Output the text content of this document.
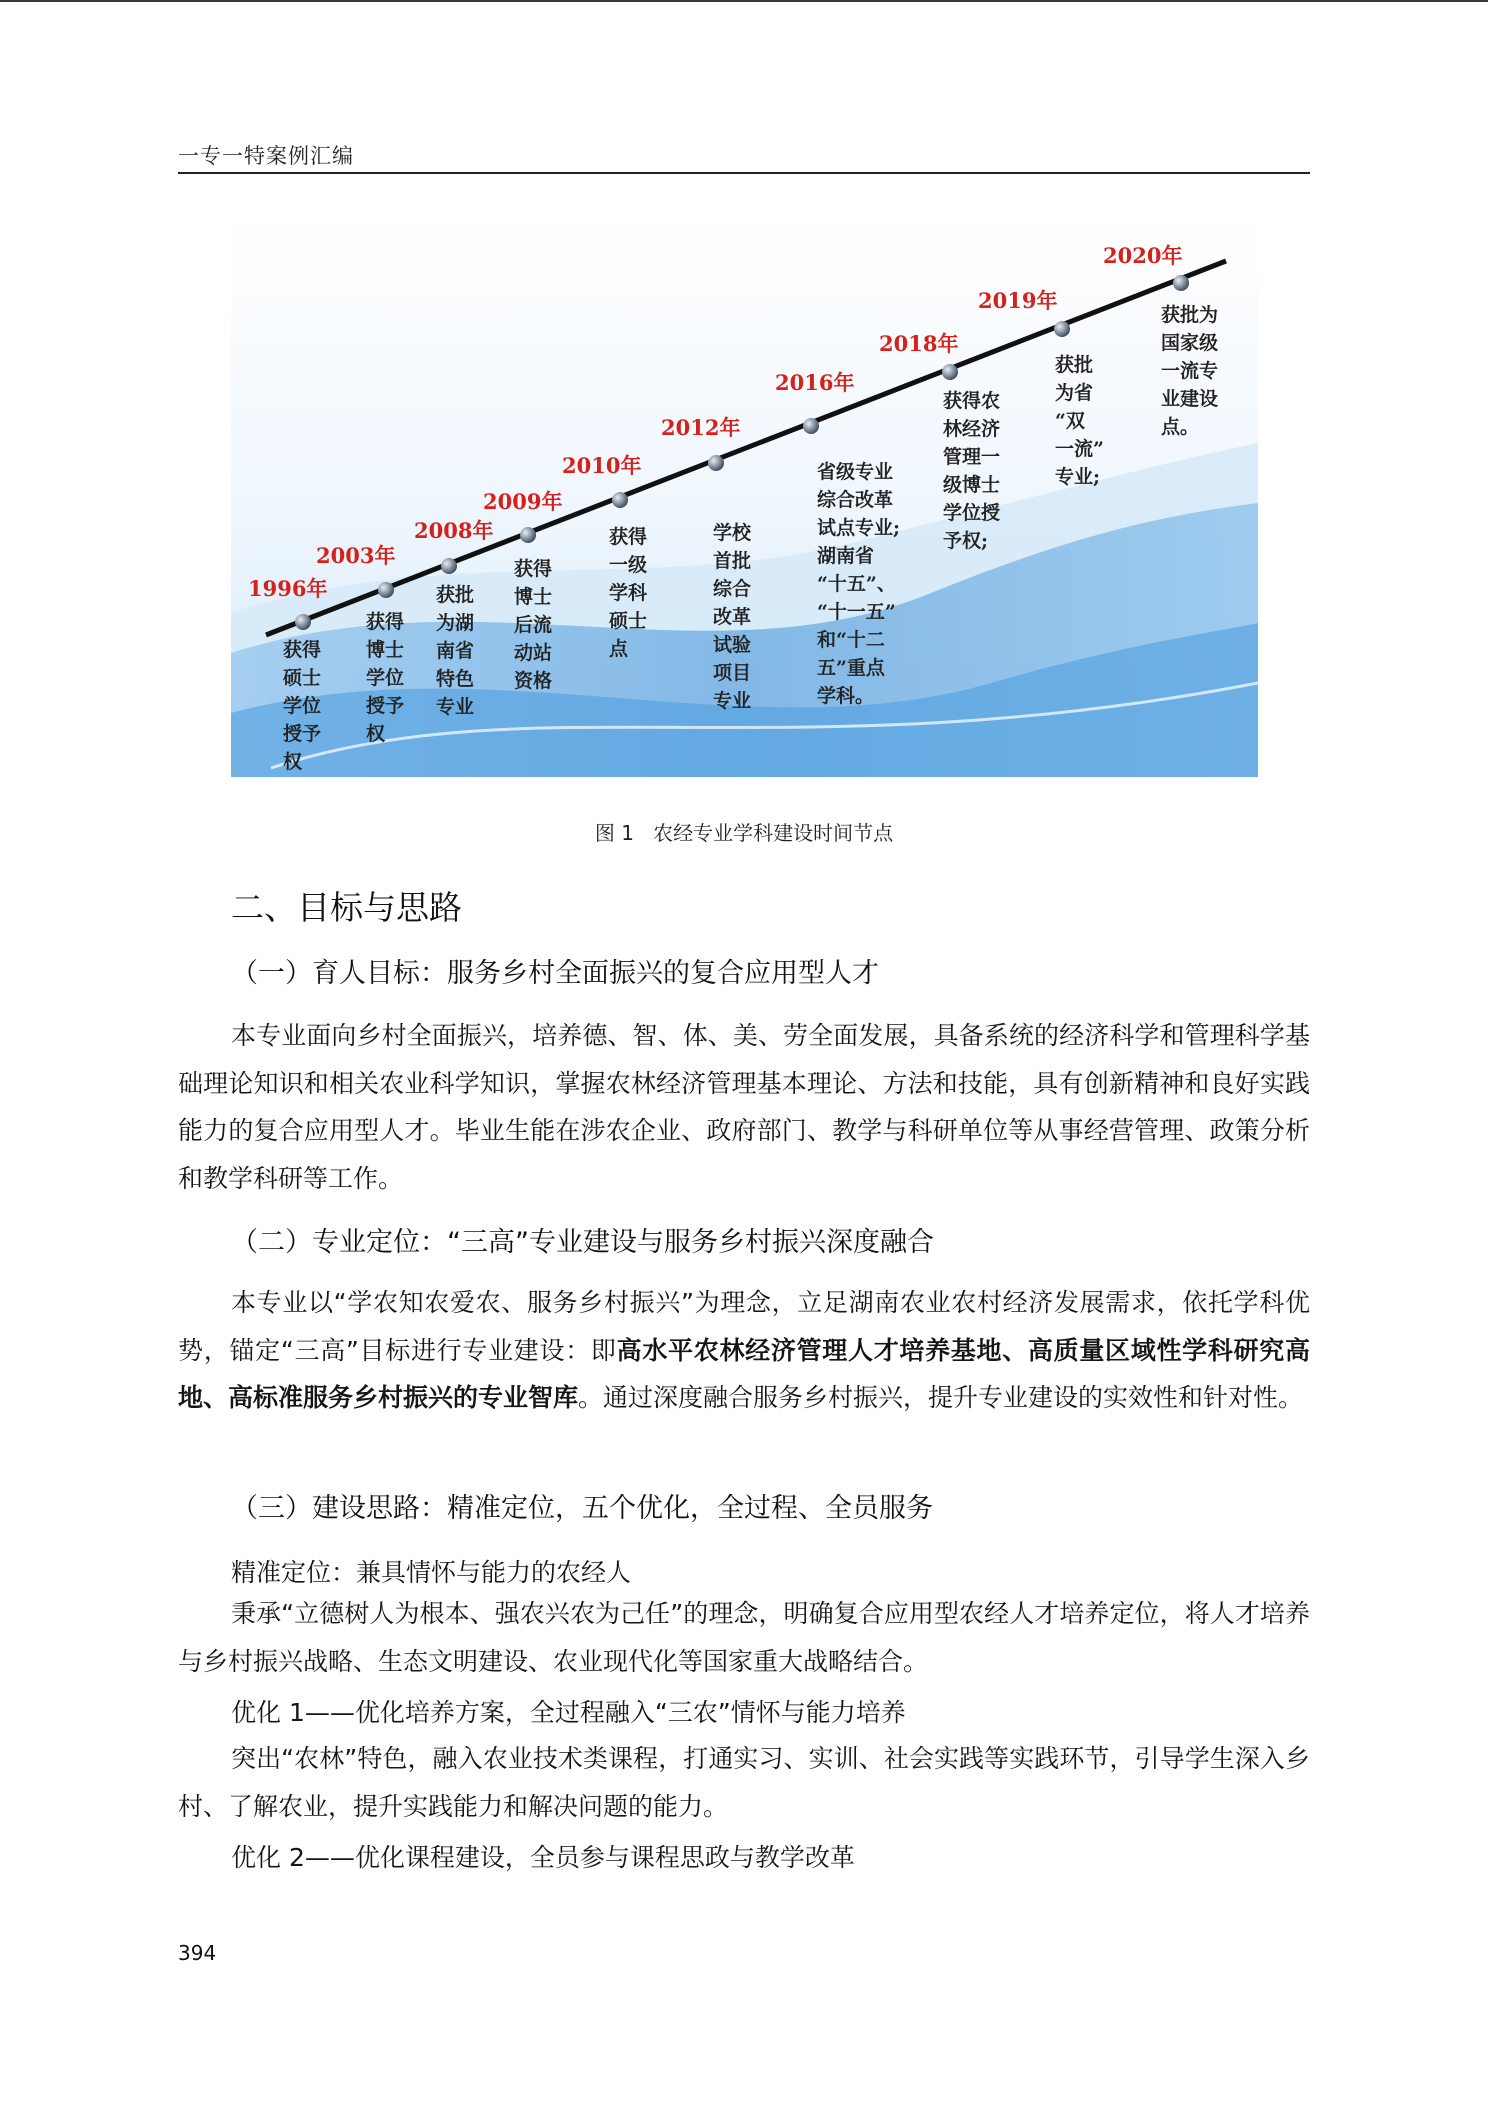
一专一特案例汇编
1996年
获得硕士学位授予权
2003年
获得博士学位授予权
2008年
获批为湖南省特色专业
2009年
获得博士后流动站资格
2010年
获得一级学科硕士点
2012年
学校首批综合改革试验项目专业
2016年
省级专业综合改革试点专业;湖南省“十五”、“十一五”和“十二五”重点学科。
2018年
获得农林经济管理一级博士学位授予权;
2019年
获批为省“双一流”专业;
2020年
获批为国家级一流专业建设点。
图 1 农经专业学科建设时间节点
二、目标与思路
（一）育人目标：服务乡村全面振兴的复合应用型人才

本专业面向乡村全面振兴，培养德、智、体、美、劳全面发展，具备系统的经济科学和管理科学基础理论知识和相关农业科学知识，掌握农林经济管理基本理论、方法和技能，具有创新精神和良好实践能力的复合应用型人才。毕业生能在涉农企业、政府部门、教学与科研单位等从事经营管理、政策分析和教学科研等工作。

（二）专业定位：“三高”专业建设与服务乡村振兴深度融合

本专业以“学农知农爱农、服务乡村振兴”为理念，立足湖南农业农村经济发展需求，依托学科优势，锚定“三高”目标进行专业建设：即高水平农林经济管理人才培养基地、高质量区域性学科研究高地、高标准服务乡村振兴的专业智库。通过深度融合服务乡村振兴，提升专业建设的实效性和针对性。

（三）建设思路：精准定位，五个优化，全过程、全员服务
精准定位：兼具情怀与能力的农经人

秉承“立德树人为根本、强农兴农为己任”的理念，明确复合应用型农经人才培养定位，将人才培养与乡村振兴战略、生态文明建设、农业现代化等国家重大战略结合。

优化 1——优化培养方案，全过程融入“三农”情怀与能力培养

突出“农林”特色，融入农业技术类课程，打通实习、实训、社会实践等实践环节，引导学生深入乡村、了解农业，提升实践能力和解决问题的能力。

优化 2——优化课程建设，全员参与课程思政与教学改革
394
